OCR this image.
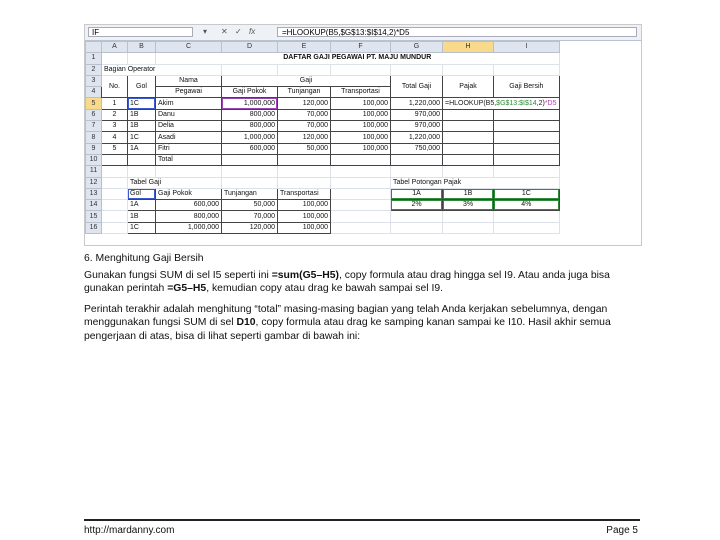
IF	▾ ✕ ✓ fx	=HLOOKUP(B5,$G$13:$I$14,2)*D5
	A	B	C	D	E	F	G	H	I
1			DAFTAR GAJI PEGAWAI PT. MAJU MUNDUR						
2	Bagian Operator								
3	No.	Gol	Nama	Gaji			Total Gaji	Pajak	Gaji Bersih
4			Pegawai	Gaji Pokok	Tunjangan	Transportasi			
5	1	1C	Akim	1,000,000	120,000	100,000	1,220,000	=HLOOKUP(B5,$G$13:$I$14,2)*D5	
6	2	1B	Danu	800,000	70,000	100,000	970,000		
7	3	1B	Delia	800,000	70,000	100,000	970,000		
8	4	1C	Asadi	1,000,000	120,000	100,000	1,220,000		
9	5	1A	Fitri	600,000	50,000	100,000	750,000		
10			Total						
11									
12		Tabel Gaji					Tabel Potongan Pajak		
13		Gol	Gaji Pokok	Tunjangan	Transportasi		1A	1B	1C
14		1A	600,000	50,000	100,000		2%	3%	4%
15		1B	800,000	70,000	100,000				
16		1C	1,000,000	120,000	100,000				
6. Menghitung Gaji Bersih

Gunakan fungsi SUM di sel I5 seperti ini =sum(G5–H5), copy formula atau drag hingga sel I9. Atau anda juga bisa gunakan perintah =G5–H5, kemudian copy atau drag ke bawah sampai sel I9.

Perintah terakhir adalah menghitung “total” masing-masing bagian yang telah Anda kerjakan sebelumnya, dengan menggunakan fungsi SUM di sel D10, copy formula atau drag ke samping kanan sampai ke I10. Hasil akhir semua pengerjaan di atas, bisa di lihat seperti gambar di bawah ini:

http://mardanny.com	Page 5
